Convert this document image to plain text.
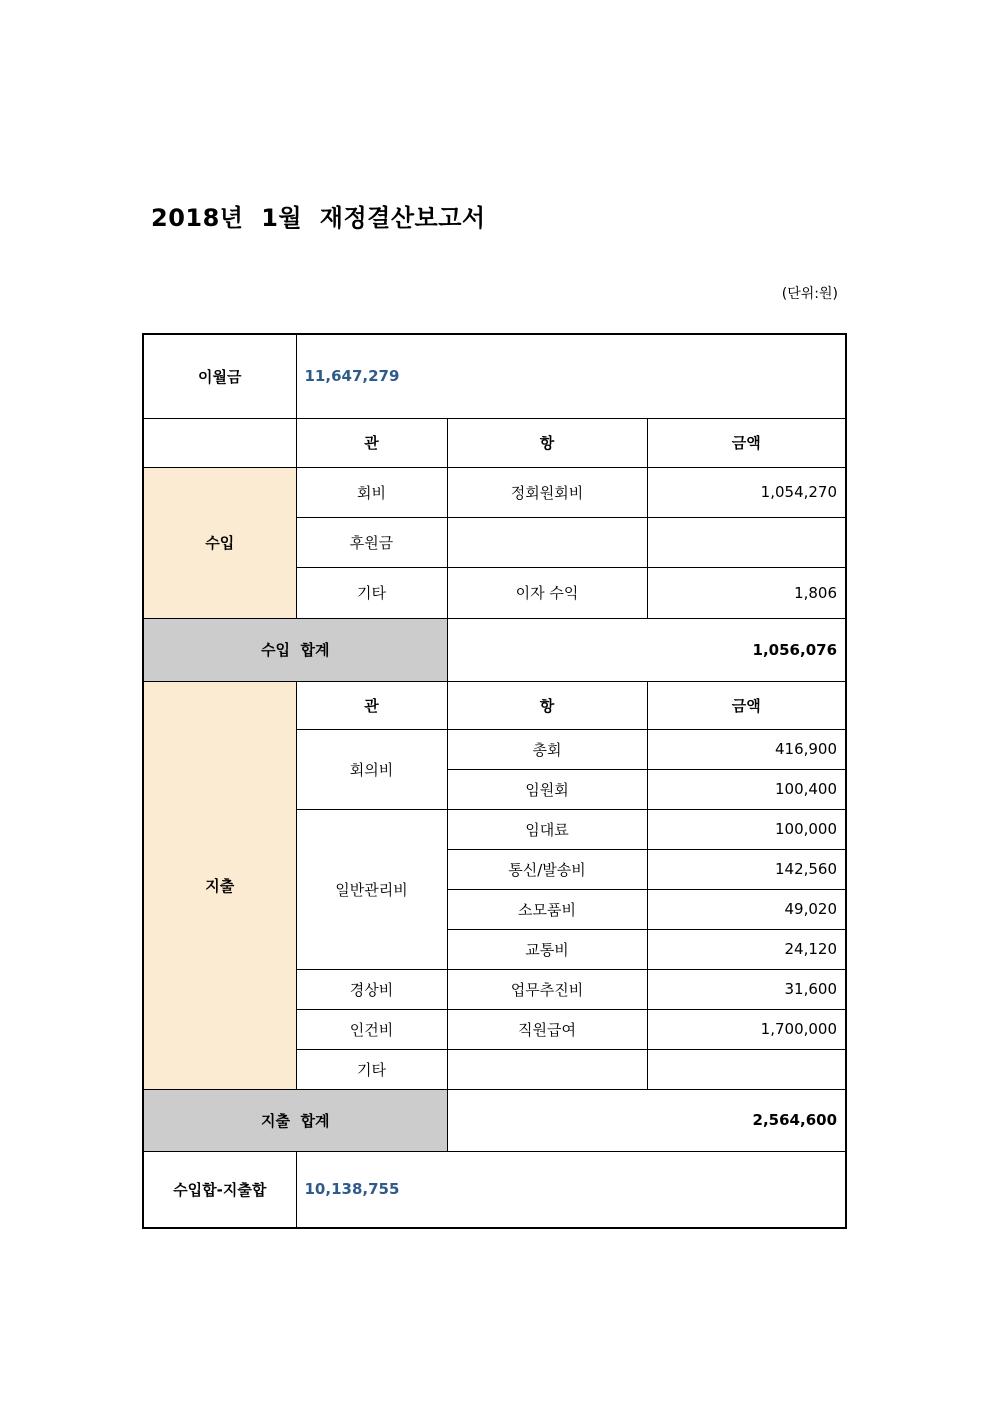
2018년  1월  재정결산보고서
(단위:원)
이월금	11,647,279		
	관	항	금액
수입	회비	정회원회비	1,054,270
	후원금		
	기타	이자 수익	1,806
수입  합계		1,056,076	
지출	관	항	금액
	회의비	총회	416,900
		임원회	100,400
	일반관리비	임대료	100,000
		통신/발송비	142,560
		소모품비	49,020
		교통비	24,120
	경상비	업무추진비	31,600
	인건비	직원급여	1,700,000
	기타		
지출  합계		2,564,600	
수입합-지출합	10,138,755		
